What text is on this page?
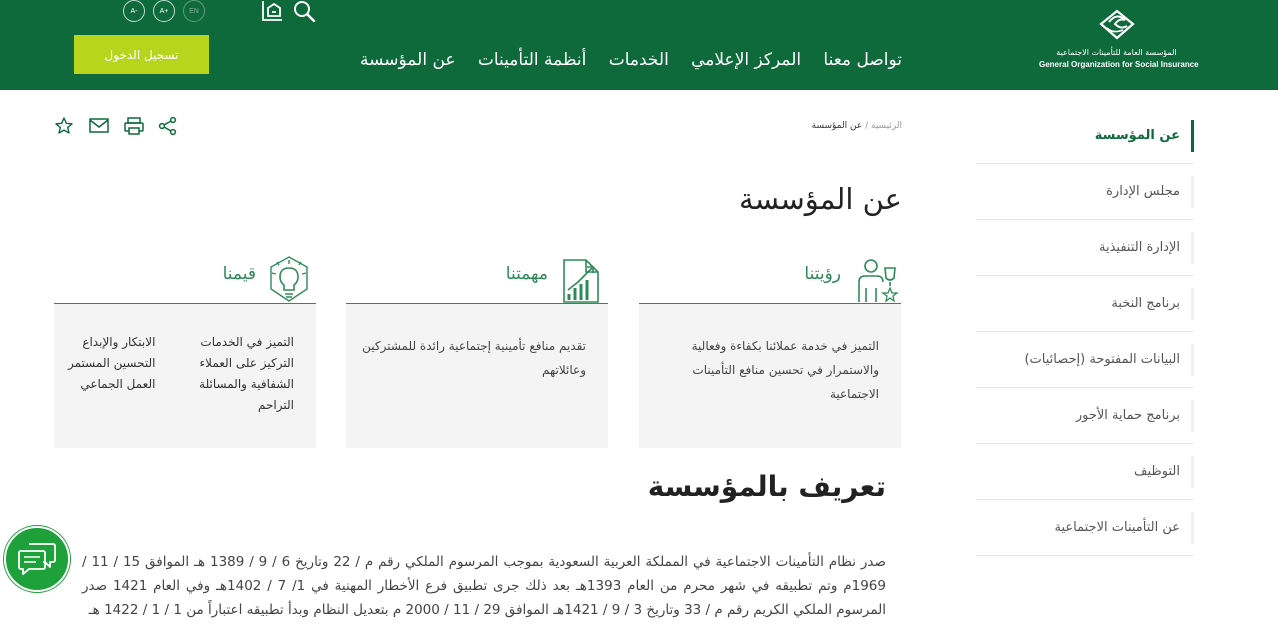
المؤسسة العامة للتأمينات الاجتماعية
General Organization for Social Insurance
عن المؤسسة أنظمة التأمينات الخدمات المركز الإعلامي تواصل معنا
تسجيل الدخول
A-	A+	EN
الرئيسية / عن المؤسسة
عن المؤسسة
رؤيتنا

التميز في خدمة عملائنا بكفاءة وفعالية والاستمرار في تحسين منافع التأمينات الاجتماعية

مهمتنا

تقديم منافع تأمينية إجتماعية رائدة للمشتركين وعائلاتهم

قيمنا
التميز في الخدمات
التركيز على العملاء
الشفافية والمسائلة
التراحم
الابتكار والإبداع
التحسين المستمر
العمل الجماعي
تعريف بالمؤسسة

صدر نظام التأمينات الاجتماعية في المملكة العربية السعودية بموجب المرسوم الملكي رقم م / 22 وتاريخ 6 / 9 / 1389 هـ الموافق 15 / 11 / 1969م وتم تطبيقه في شهر محرم من العام 1393هـ بعد ذلك جرى تطبيق فرع الأخطار المهنية في 1/ 7 / 1402هـ وفي العام 1421 صدر المرسوم الملكي الكريم رقم م / 33 وتاريخ 3 / 9 / 1421هـ الموافق 29 / 11 / 2000 م بتعديل النظام وبدأ تطبيقه اعتباراً من 1 / 1 / 1422 هـ

عن المؤسسة
مجلس الإدارة
الإدارة التنفيذية
برنامج النخبة
البيانات المفتوحة (إحصائيات)
برنامج حماية الأجور
التوظيف
عن التأمينات الاجتماعية
